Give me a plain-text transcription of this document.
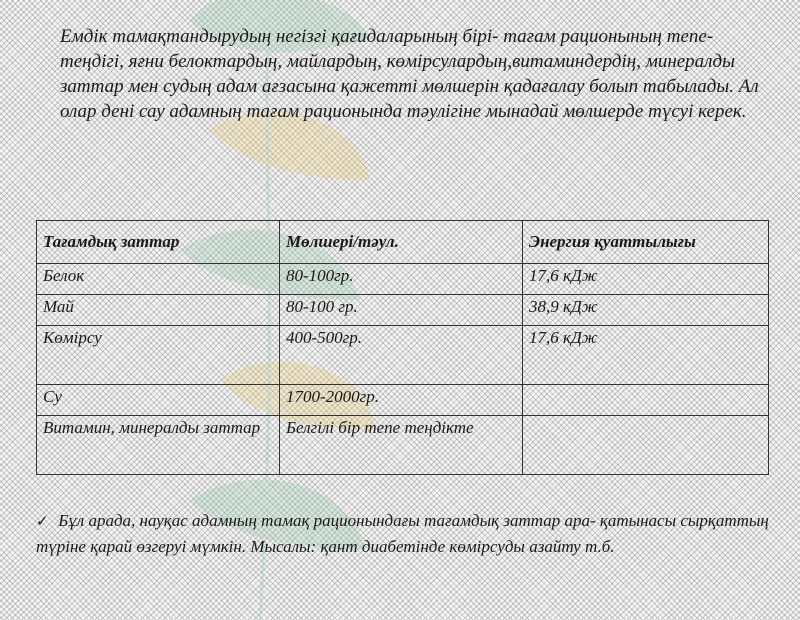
Емдік тамақтандырудың негізгі қағидаларының бірі- тағам рационының тепе- теңдігі, яғни белоктардың, майлардың, көмірсулардың,витаминдердің, минералды заттар мен судың адам ағзасына қажетті мөлшерін қадағалау болып табылады. Ал олар дені сау адамның тағам рационында тәулігіне мынадай мөлшерде түсуі керек.

Тағамдық заттар	Мөлшері/тәул.	Энергия қуаттылығы
Белок	80-100гр.	17,6 кДж
Май	80-100 гр.	38,9 кДж
Көмірсу	400-500гр.	17,6 кДж
Су	1700-2000гр.	
Витамин, минералды заттар	Белгілі бір тепе теңдікте	

✓ Бұл арада, науқас адамның тамақ рационындағы тағамдық заттар ара- қатынасы сырқаттың түріне қарай өзгеруі мүмкін. Мысалы: қант диабетінде көмірсуды азайту т.б.
